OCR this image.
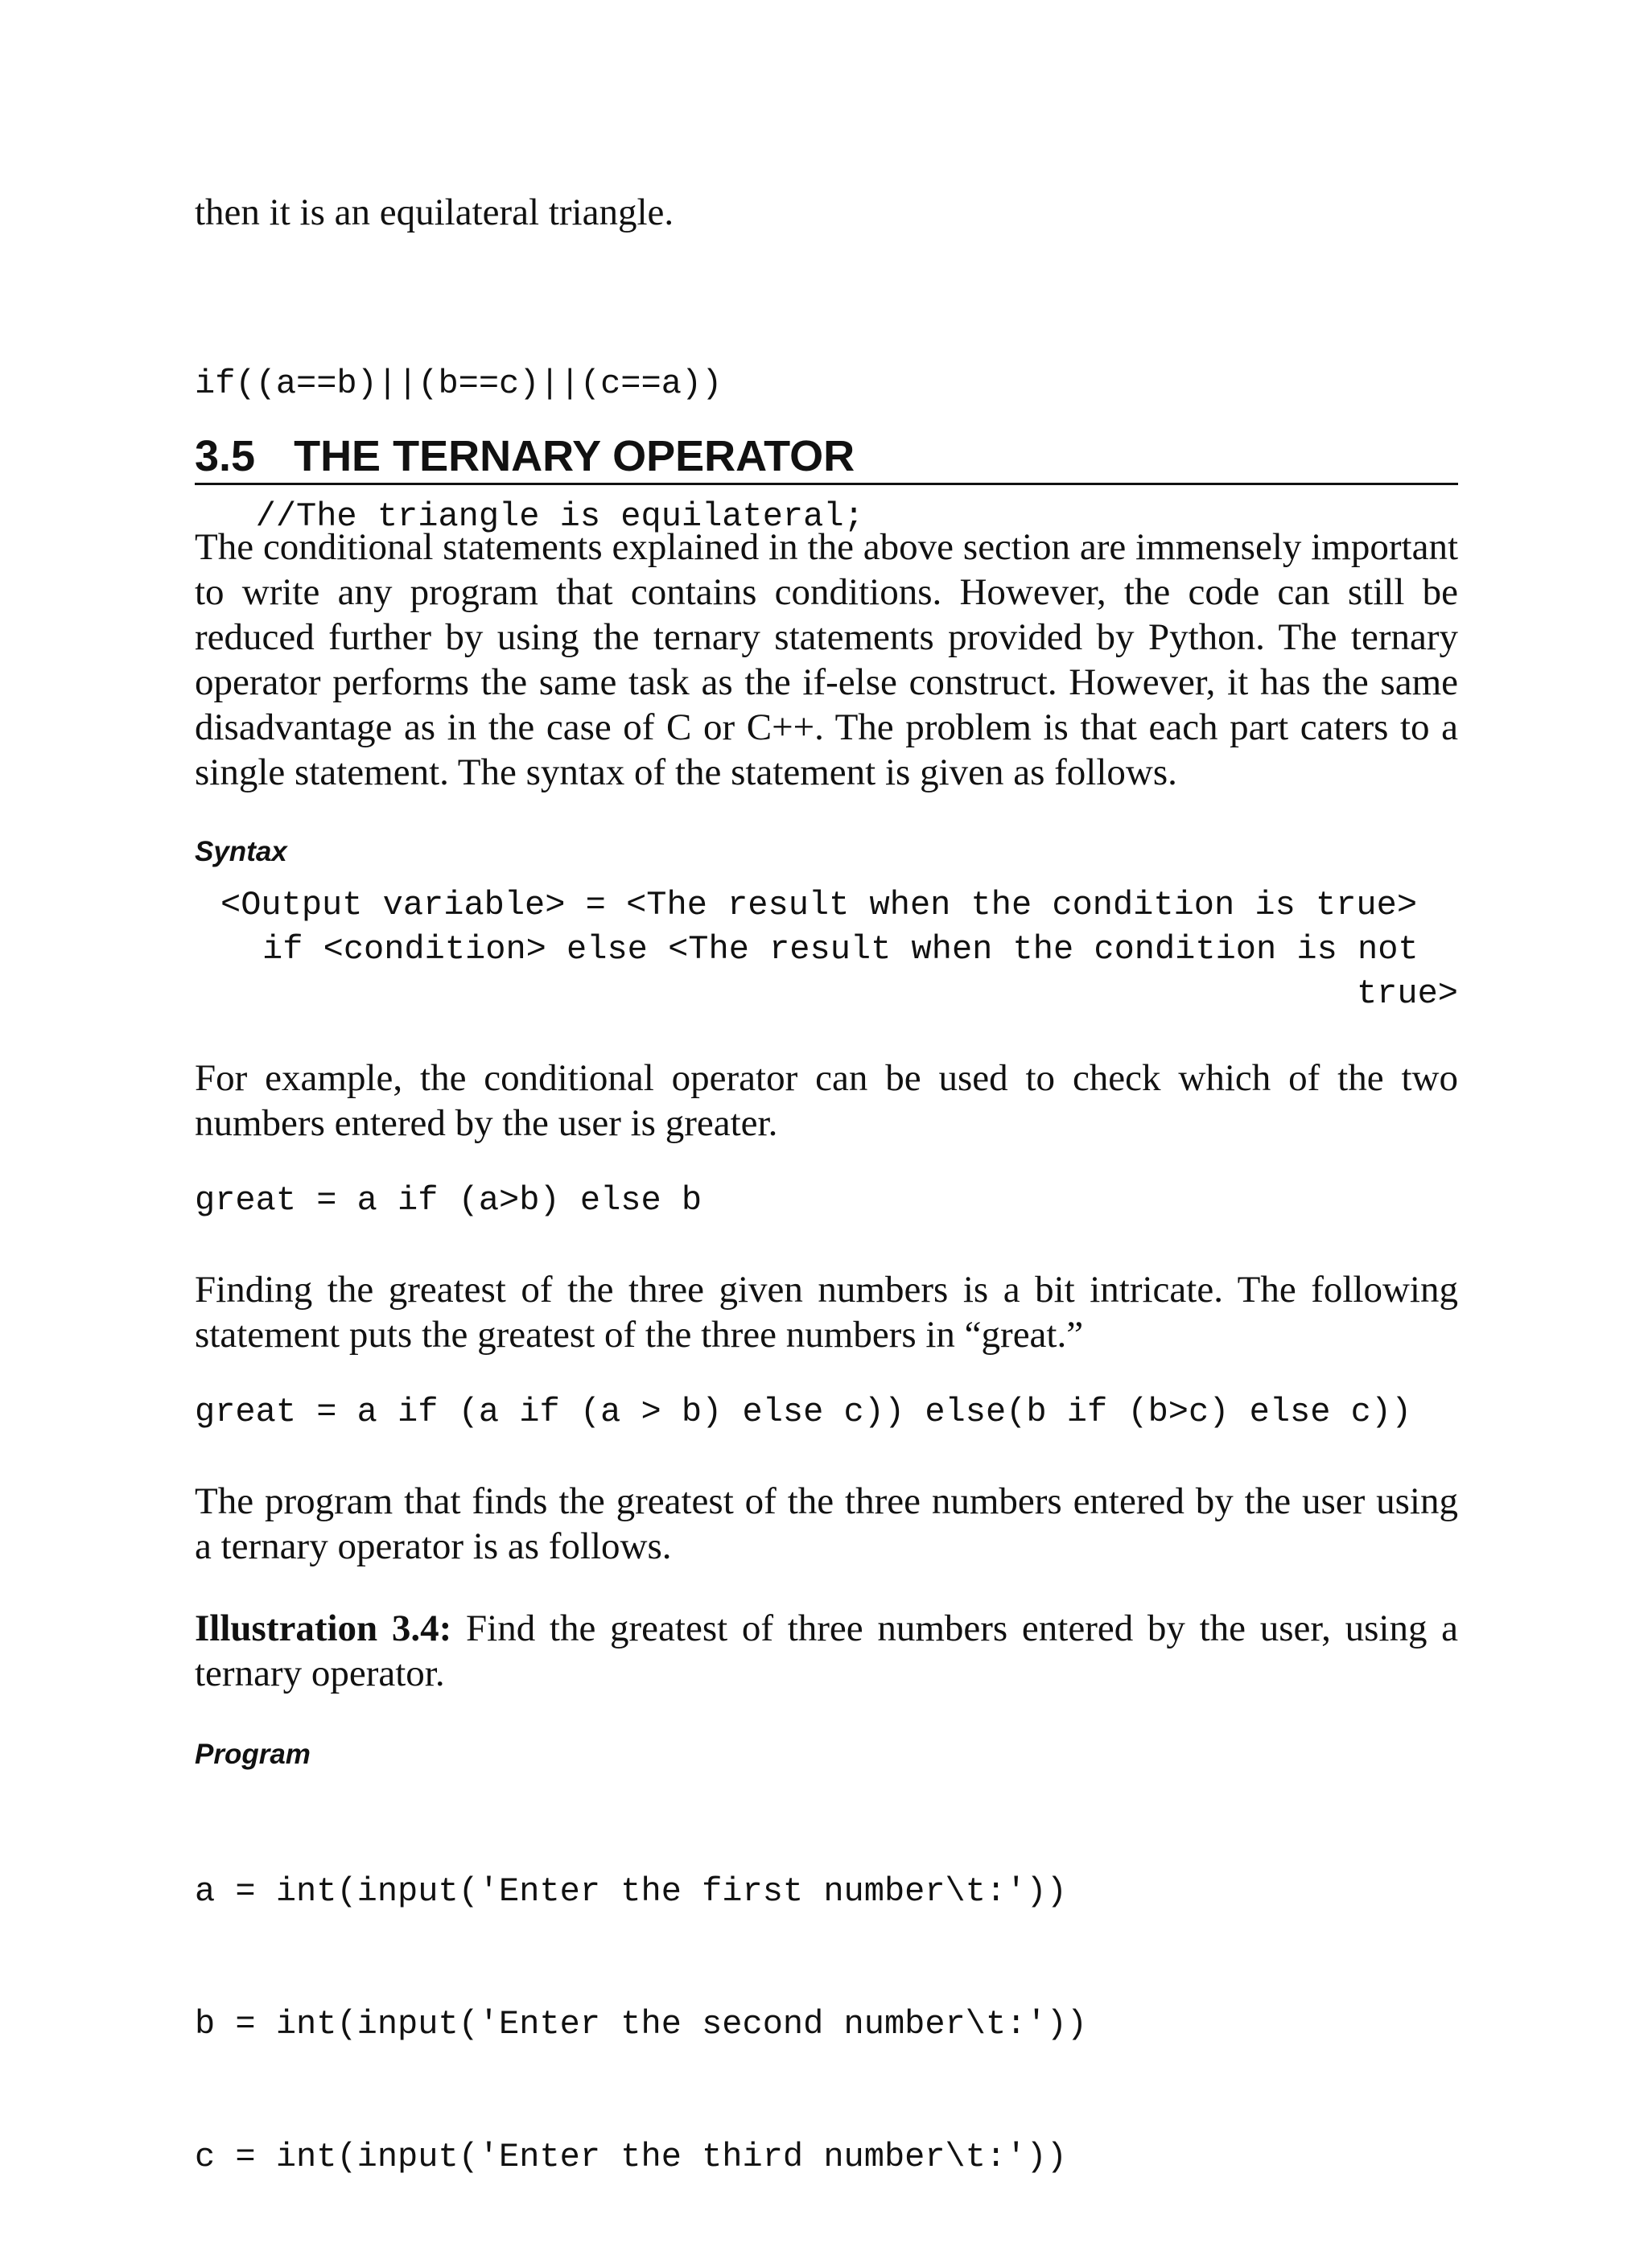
then it is an equilateral triangle.

if((a==b)||(b==c)||(c==a))

//The triangle is equilateral;

3.5 THE TERNARY OPERATOR

The conditional statements explained in the above section are immensely important to write any program that contains conditions. However, the code can still be reduced further by using the ternary statements provided by Python. The ternary operator performs the same task as the if-else construct. However, it has the same disadvantage as in the case of C or C++. The problem is that each part caters to a single statement. The syntax of the statement is given as follows.

Syntax
<Output variable> = <The result when the condition is true>
if <condition> else <The result when the condition is not
true>

For example, the conditional operator can be used to check which of the two numbers entered by the user is greater.

great = a if (a>b) else b

Finding the greatest of the three given numbers is a bit intricate. The following statement puts the greatest of the three numbers in “great.”

great = a if (a if (a > b) else c)) else(b if (b>c) else c))

The program that finds the greatest of the three numbers entered by the user using a ternary operator is as follows.

Illustration 3.4: Find the greatest of three numbers entered by the user, using a ternary operator.

Program

a = int(input('Enter the first number\t:'))

b = int(input('Enter the second number\t:'))

c = int(input('Enter the third number\t:'))
